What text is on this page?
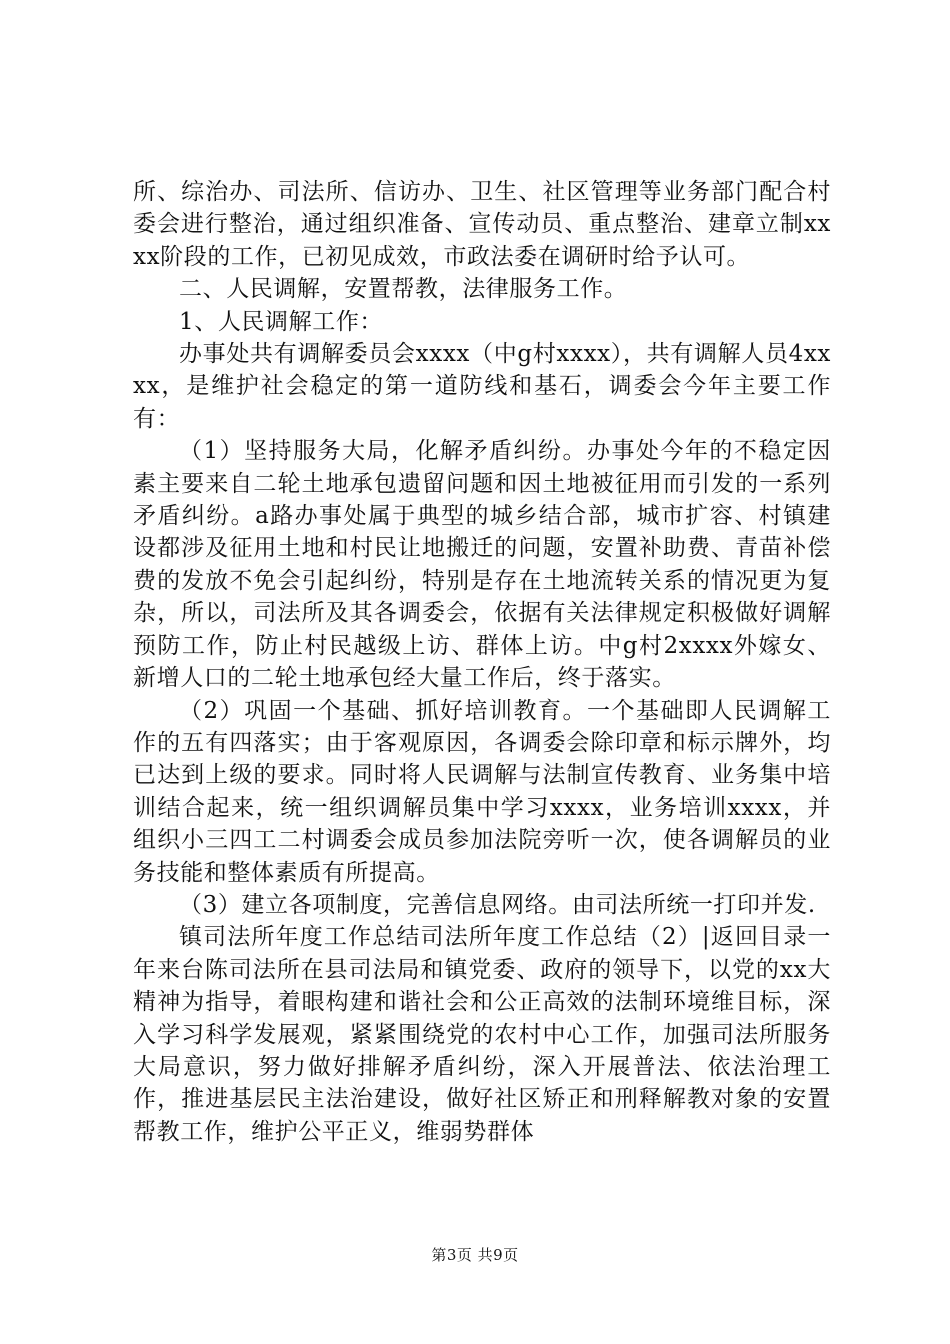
所、综治办、司法所、信访办、卫生、社区管理等业务部门配合村委会进行整治，通过组织准备、宣传动员、重点整治、建章立制xxxx阶段的工作，已初见成效，市政法委在调研时给予认可。

二、人民调解，安置帮教，法律服务工作。

1、人民调解工作：

办事处共有调解委员会xxxx（中g村xxxx），共有调解人员4xxxx，是维护社会稳定的第一道防线和基石，调委会今年主要工作有：

（1）坚持服务大局，化解矛盾纠纷。办事处今年的不稳定因素主要来自二轮土地承包遗留问题和因土地被征用而引发的一系列矛盾纠纷。a路办事处属于典型的城乡结合部，城市扩容、村镇建设都涉及征用土地和村民让地搬迁的问题，安置补助费、青苗补偿费的发放不免会引起纠纷，特别是存在土地流转关系的情况更为复杂，所以，司法所及其各调委会，依据有关法律规定积极做好调解预防工作，防止村民越级上访、群体上访。中g村2xxxx外嫁女、新增人口的二轮土地承包经大量工作后，终于落实。

（2）巩固一个基础、抓好培训教育。一个基础即人民调解工作的五有四落实；由于客观原因，各调委会除印章和标示牌外，均已达到上级的要求。同时将人民调解与法制宣传教育、业务集中培训结合起来，统一组织调解员集中学习xxxx，业务培训xxxx，并组织小三四工二村调委会成员参加法院旁听一次，使各调解员的业务技能和整体素质有所提高。

（3）建立各项制度，完善信息网络。由司法所统一打印并发.

镇司法所年度工作总结司法所年度工作总结（2）|返回目录一年来台陈司法所在县司法局和镇党委、政府的领导下，以党的xx大精神为指导，着眼构建和谐社会和公正高效的法制环境维目标，深入学习科学发展观，紧紧围绕党的农村中心工作，加强司法所服务大局意识，努力做好排解矛盾纠纷，深入开展普法、依法治理工作，推进基层民主法治建设，做好社区矫正和刑释解教对象的安置帮教工作，维护公平正义，维弱势群体

第3页 共9页
